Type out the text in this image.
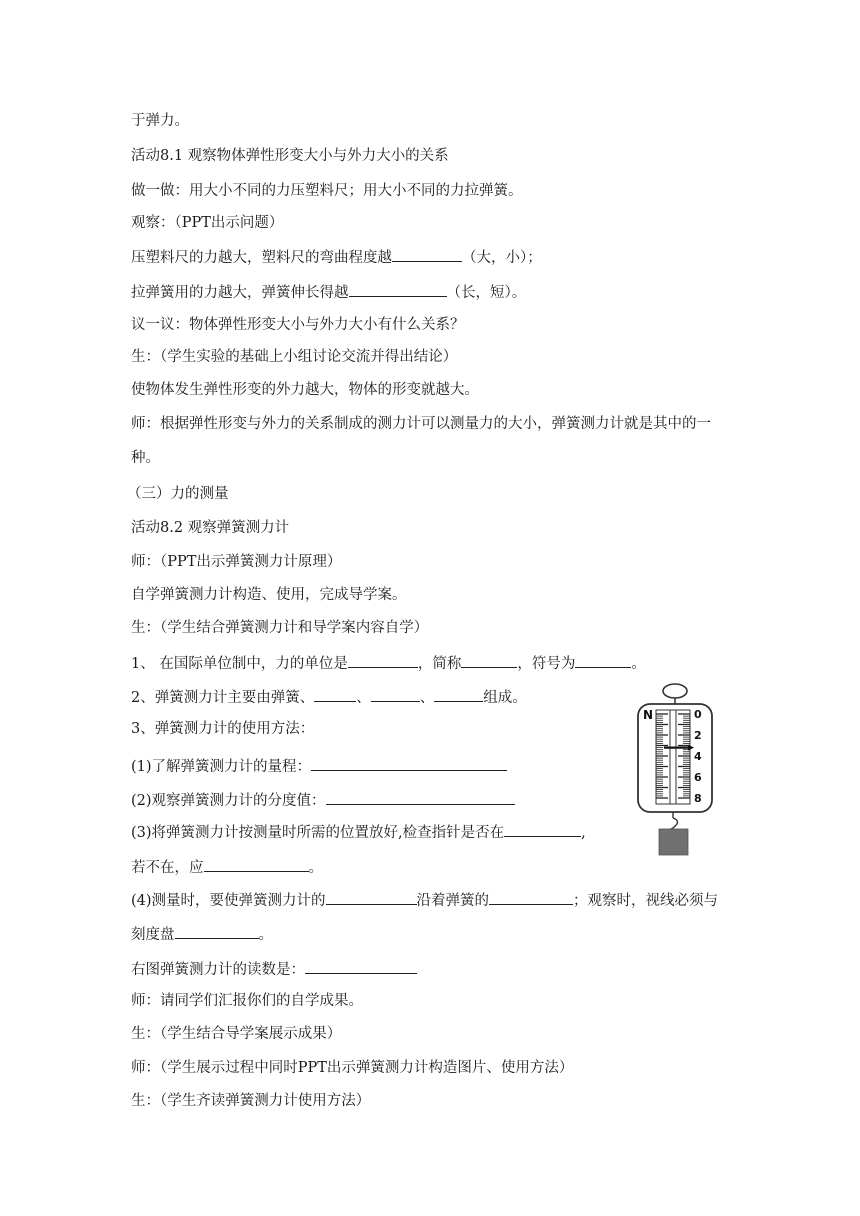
于弹力。
活动8.1 观察物体弹性形变大小与外力大小的关系
做一做：用大小不同的力压塑料尺；用大小不同的力拉弹簧。
观察：（PPT出示问题）
压塑料尺的力越大，塑料尺的弯曲程度越	（大，小）；
拉弹簧用的力越大，弹簧伸长得越	（长，短）。
议一议：物体弹性形变大小与外力大小有什么关系？
生：（学生实验的基础上小组讨论交流并得出结论）
使物体发生弹性形变的外力越大，物体的形变就越大。
师：根据弹性形变与外力的关系制成的测力计可以测量力的大小，弹簧测力计就是其中的一
种。
（三）力的测量
活动8.2 观察弹簧测力计
师：（PPT出示弹簧测力计原理）
自学弹簧测力计构造、使用，完成导学案。
生：（学生结合弹簧测力计和导学案内容自学）
1、 在国际单位制中，力的单位是	，简称	，符号为	。
2、弹簧测力计主要由弹簧、	、	、	组成。
3、弹簧测力计的使用方法：
(1)了解弹簧测力计的量程：
(2)观察弹簧测力计的分度值：
(3)将弹簧测力计按测量时所需的位置放好,检查指针是否在	,
若不在，应	。
(4)测量时，要使弹簧测力计的	沿着弹簧的	；观察时，视线必须与
刻度盘	。
右图弹簧测力计的读数是：
师：请同学们汇报你们的自学成果。
生：（学生结合导学案展示成果）
师：（学生展示过程中同时PPT出示弹簧测力计构造图片、使用方法）
生：（学生齐读弹簧测力计使用方法）
N	0
2
4
6
8
